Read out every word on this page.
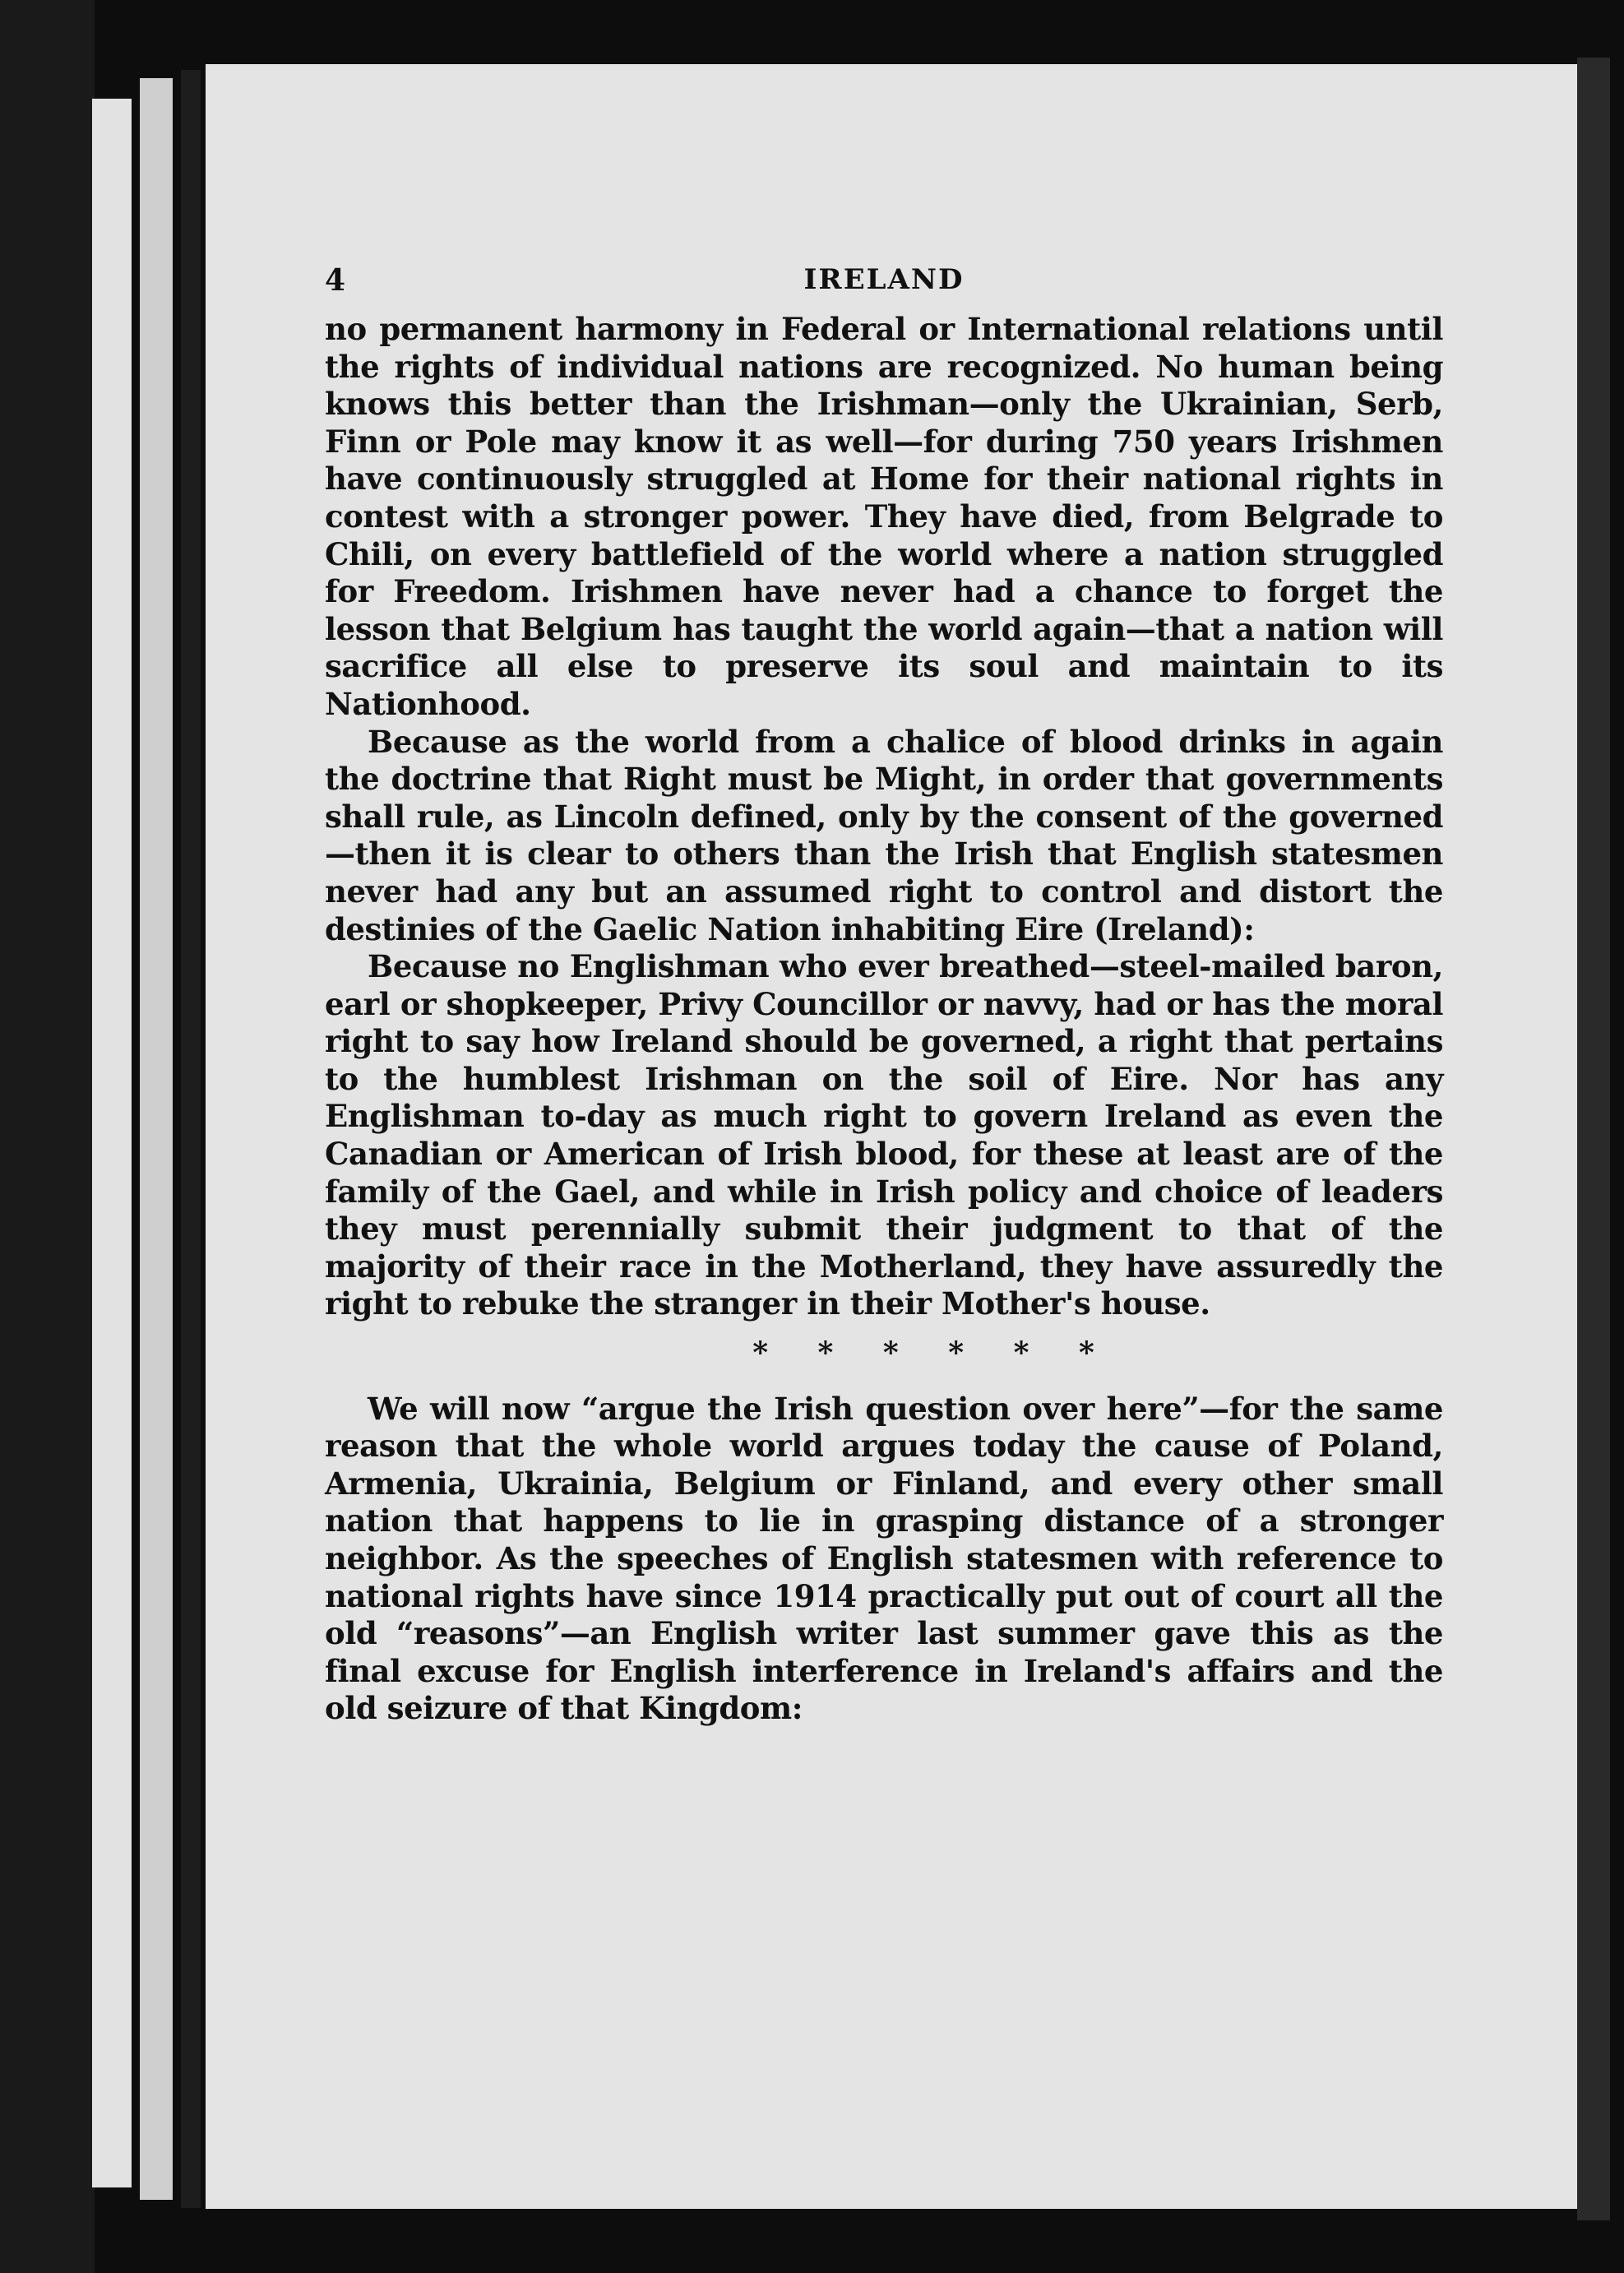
4	IRELAND

no permanent harmony in Federal or International relations until the rights of individual nations are recognized. No human being knows this better than the Irishman—only the Ukrainian, Serb, Finn or Pole may know it as well—for during 750 years Irishmen have continuously struggled at Home for their national rights in contest with a stronger power. They have died, from Belgrade to Chili, on every battlefield of the world where a nation struggled for Freedom. Irishmen have never had a chance to forget the lesson that Belgium has taught the world again—that a nation will sacrifice all else to preserve its soul and maintain to its Nationhood.

Because as the world from a chalice of blood drinks in again the doctrine that Right must be Might, in order that governments shall rule, as Lincoln defined, only by the consent of the governed—then it is clear to others than the Irish that English statesmen never had any but an assumed right to control and distort the destinies of the Gaelic Nation inhabiting Eire (Ireland):

Because no Englishman who ever breathed—steel-mailed baron, earl or shopkeeper, Privy Councillor or navvy, had or has the moral right to say how Ireland should be governed, a right that pertains to the humblest Irishman on the soil of Eire. Nor has any Englishman to-day as much right to govern Ireland as even the Canadian or American of Irish blood, for these at least are of the family of the Gael, and while in Irish policy and choice of leaders they must perennially submit their judgment to that of the majority of their race in the Motherland, they have assuredly the right to rebuke the stranger in their Mother's house.

* * * * * *

We will now “argue the Irish question over here”—for the same reason that the whole world argues today the cause of Poland, Armenia, Ukrainia, Belgium or Finland, and every other small nation that happens to lie in grasping distance of a stronger neighbor. As the speeches of English statesmen with reference to national rights have since 1914 practically put out of court all the old “reasons”—an English writer last summer gave this as the final excuse for English interference in Ireland's affairs and the old seizure of that Kingdom:
